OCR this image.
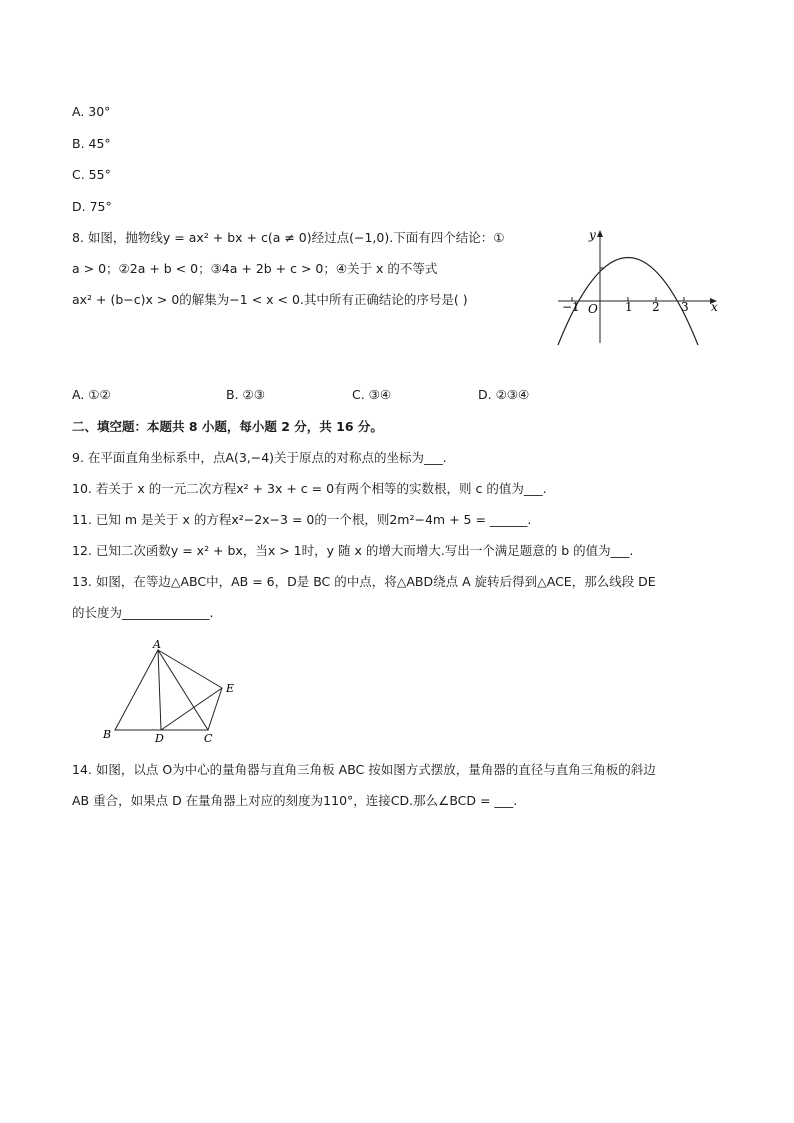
A. 30°
B. 45°
C. 55°
D. 75°
8. 如图，抛物线y = ax² + bx + c(a ≠ 0)经过点(−1,0).下面有四个结论：①
a > 0；②2a + b < 0；③4a + 2b + c > 0；④关于 x 的不等式
ax² + (b−c)x > 0的解集为−1 < x < 0.其中所有正确结论的序号是( )
y
x
O
−1	1 2 3
A. ①②	B. ②③	C. ③④	D. ②③④
二、填空题：本题共 8 小题，每小题 2 分，共 16 分。
9. 在平面直角坐标系中，点A(3,−4)关于原点的对称点的坐标为___.
10. 若关于 x 的一元二次方程x² + 3x + c = 0有两个相等的实数根，则 c 的值为___.
11. 已知 m 是关于 x 的方程x²−2x−3 = 0的一个根，则2m²−4m + 5 = ______.
12. 已知二次函数y = x² + bx，当x > 1时，y 随 x 的增大而增大.写出一个满足题意的 b 的值为___.
13. 如图，在等边△ABC中，AB = 6，D是 BC 的中点，将△ABD绕点 A 旋转后得到△ACE，那么线段 DE
的长度为______________.
A
B	C
D
E
14. 如图，以点 O为中心的量角器与直角三角板 ABC 按如图方式摆放，量角器的直径与直角三角板的斜边
AB 重合，如果点 D 在量角器上对应的刻度为110°，连接CD.那么∠BCD = ___.
